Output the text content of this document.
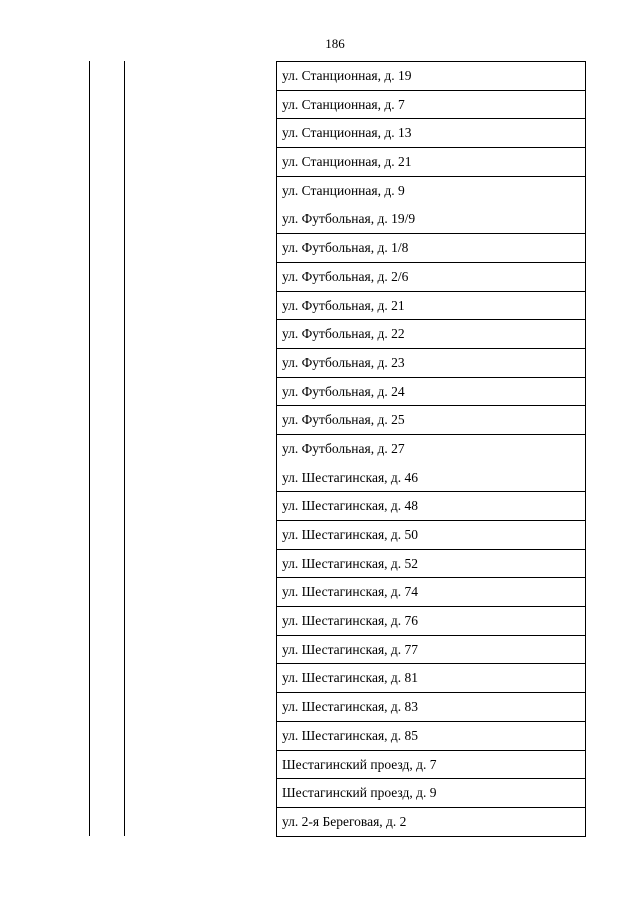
186
ул. Станционная, д. 19
ул. Станционная, д. 7
ул. Станционная, д. 13
ул. Станционная, д. 21
ул. Станционная, д. 9
ул. Футбольная, д. 19/9
ул. Футбольная, д. 1/8
ул. Футбольная, д. 2/6
ул. Футбольная, д. 21
ул. Футбольная, д. 22
ул. Футбольная, д. 23
ул. Футбольная, д. 24
ул. Футбольная, д. 25
ул. Футбольная, д. 27
ул. Шестагинская, д. 46
ул. Шестагинская, д. 48
ул. Шестагинская, д. 50
ул. Шестагинская, д. 52
ул. Шестагинская, д. 74
ул. Шестагинская, д. 76
ул. Шестагинская, д. 77
ул. Шестагинская, д. 81
ул. Шестагинская, д. 83
ул. Шестагинская, д. 85
Шестагинский проезд, д. 7
Шестагинский проезд, д. 9
ул. 2-я Береговая, д. 2
